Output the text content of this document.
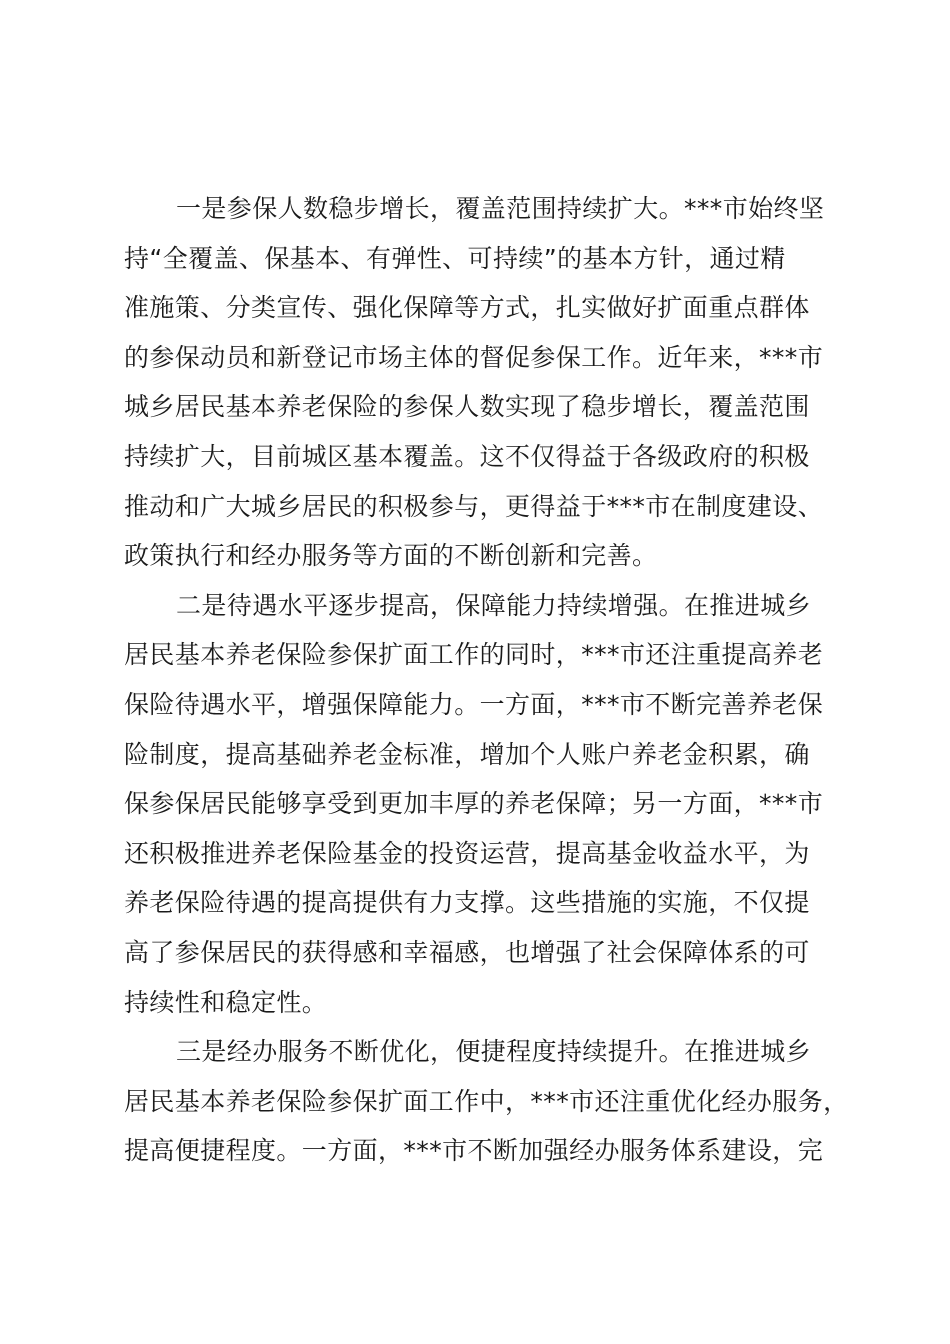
一是参保人数稳步增长，覆盖范围持续扩大。***市始终坚
持“全覆盖、保基本、有弹性、可持续”的基本方针，通过精
准施策、分类宣传、强化保障等方式，扎实做好扩面重点群体
的参保动员和新登记市场主体的督促参保工作。近年来，***市
城乡居民基本养老保险的参保人数实现了稳步增长，覆盖范围
持续扩大，目前城区基本覆盖。这不仅得益于各级政府的积极
推动和广大城乡居民的积极参与，更得益于***市在制度建设、
政策执行和经办服务等方面的不断创新和完善。
二是待遇水平逐步提高，保障能力持续增强。在推进城乡
居民基本养老保险参保扩面工作的同时，***市还注重提高养老
保险待遇水平，增强保障能力。一方面，***市不断完善养老保
险制度，提高基础养老金标准，增加个人账户养老金积累，确
保参保居民能够享受到更加丰厚的养老保障；另一方面，***市
还积极推进养老保险基金的投资运营，提高基金收益水平，为
养老保险待遇的提高提供有力支撑。这些措施的实施，不仅提
高了参保居民的获得感和幸福感，也增强了社会保障体系的可
持续性和稳定性。
三是经办服务不断优化，便捷程度持续提升。在推进城乡
居民基本养老保险参保扩面工作中，***市还注重优化经办服务，
提高便捷程度。一方面，***市不断加强经办服务体系建设，完
